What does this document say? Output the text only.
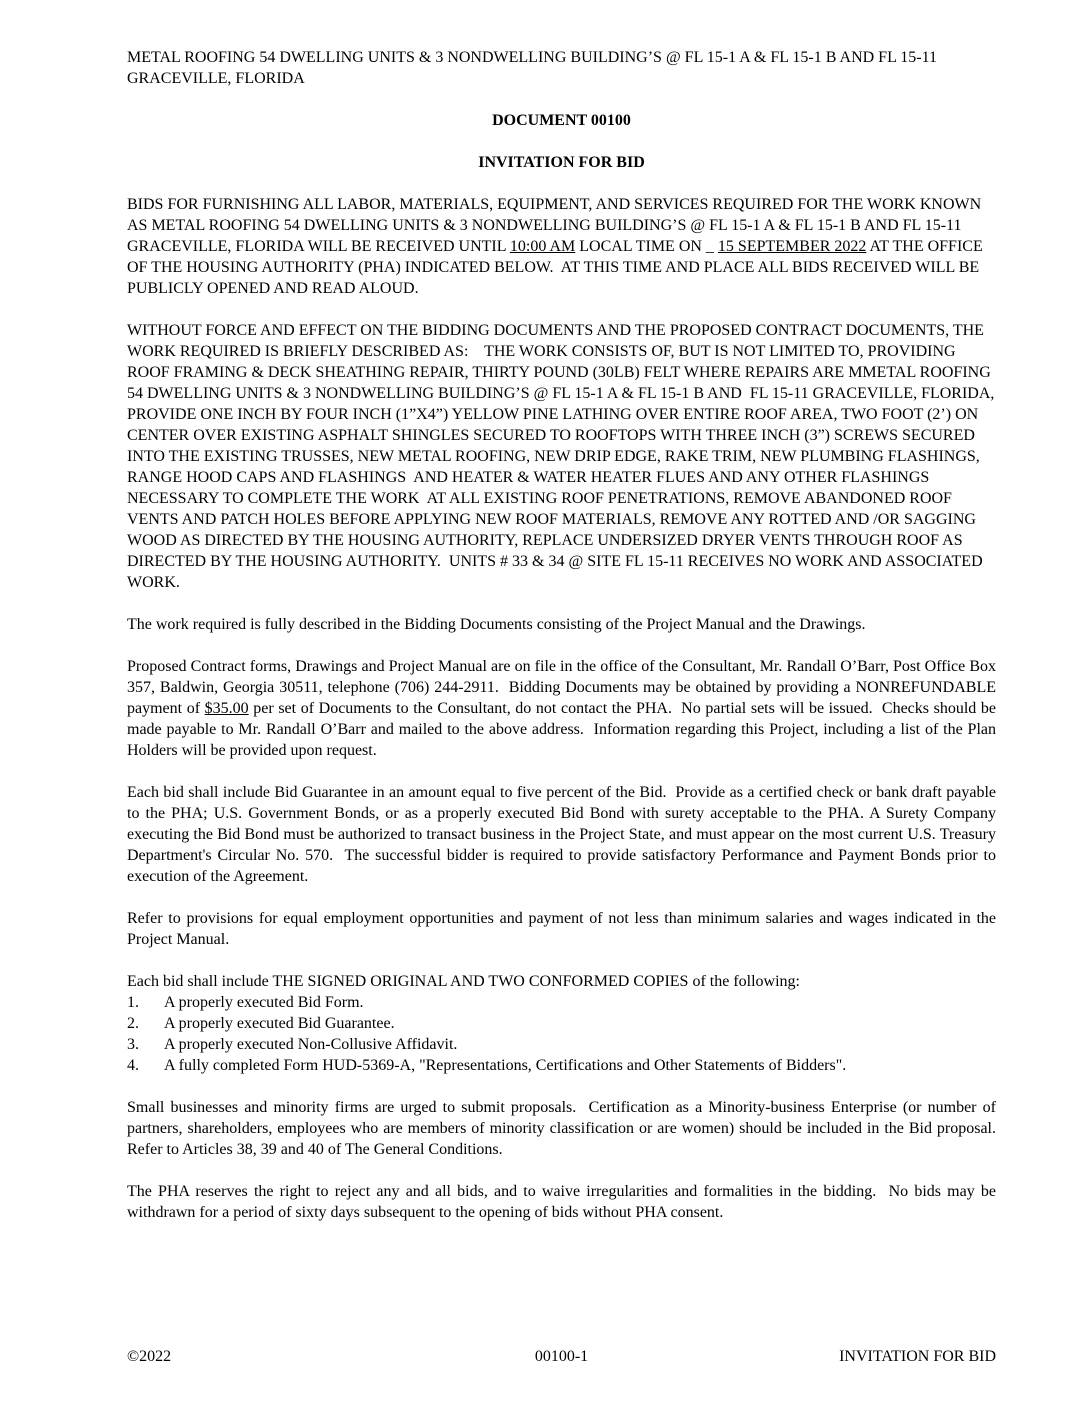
METAL ROOFING 54 DWELLING UNITS & 3 NONDWELLING BUILDING’S @ FL 15-1 A & FL 15-1 B AND FL 15-11 GRACEVILLE, FLORIDA

DOCUMENT 00100

INVITATION FOR BID

BIDS FOR FURNISHING ALL LABOR, MATERIALS, EQUIPMENT, AND SERVICES REQUIRED FOR THE WORK KNOWN AS METAL ROOFING 54 DWELLING UNITS & 3 NONDWELLING BUILDING’S @ FL 15-1 A & FL 15-1 B AND FL 15-11 GRACEVILLE, FLORIDA WILL BE RECEIVED UNTIL 10:00 AM LOCAL TIME ON _ 15 SEPTEMBER 2022 AT THE OFFICE OF THE HOUSING AUTHORITY (PHA) INDICATED BELOW.  AT THIS TIME AND PLACE ALL BIDS RECEIVED WILL BE PUBLICLY OPENED AND READ ALOUD.

WITHOUT FORCE AND EFFECT ON THE BIDDING DOCUMENTS AND THE PROPOSED CONTRACT DOCUMENTS, THE WORK REQUIRED IS BRIEFLY DESCRIBED AS:    THE WORK CONSISTS OF, BUT IS NOT LIMITED TO, PROVIDING ROOF FRAMING & DECK SHEATHING REPAIR, THIRTY POUND (30LB) FELT WHERE REPAIRS ARE MMETAL ROOFING 54 DWELLING UNITS & 3 NONDWELLING BUILDING’S @ FL 15-1 A & FL 15-1 B AND  FL 15-11 GRACEVILLE, FLORIDA, PROVIDE ONE INCH BY FOUR INCH (1”X4”) YELLOW PINE LATHING OVER ENTIRE ROOF AREA, TWO FOOT (2’) ON CENTER OVER EXISTING ASPHALT SHINGLES SECURED TO ROOFTOPS WITH THREE INCH (3”) SCREWS SECURED INTO THE EXISTING TRUSSES, NEW METAL ROOFING, NEW DRIP EDGE, RAKE TRIM, NEW PLUMBING FLASHINGS, RANGE HOOD CAPS AND FLASHINGS  AND HEATER & WATER HEATER FLUES AND ANY OTHER FLASHINGS NECESSARY TO COMPLETE THE WORK  AT ALL EXISTING ROOF PENETRATIONS, REMOVE ABANDONED ROOF VENTS AND PATCH HOLES BEFORE APPLYING NEW ROOF MATERIALS, REMOVE ANY ROTTED AND /OR SAGGING WOOD AS DIRECTED BY THE HOUSING AUTHORITY, REPLACE UNDERSIZED DRYER VENTS THROUGH ROOF AS DIRECTED BY THE HOUSING AUTHORITY.  UNITS # 33 & 34 @ SITE FL 15-11 RECEIVES NO WORK AND ASSOCIATED WORK.

The work required is fully described in the Bidding Documents consisting of the Project Manual and the Drawings.

Proposed Contract forms, Drawings and Project Manual are on file in the office of the Consultant, Mr. Randall O’Barr, Post Office Box 357, Baldwin, Georgia 30511, telephone (706) 244-2911.  Bidding Documents may be obtained by providing a NONREFUNDABLE payment of $35.00 per set of Documents to the Consultant, do not contact the PHA.  No partial sets will be issued.  Checks should be made payable to Mr. Randall O’Barr and mailed to the above address.  Information regarding this Project, including a list of the Plan Holders will be provided upon request.

Each bid shall include Bid Guarantee in an amount equal to five percent of the Bid.  Provide as a certified check or bank draft payable to the PHA; U.S. Government Bonds, or as a properly executed Bid Bond with surety acceptable to the PHA. A Surety Company executing the Bid Bond must be authorized to transact business in the Project State, and must appear on the most current U.S. Treasury Department's Circular No. 570.  The successful bidder is required to provide satisfactory Performance and Payment Bonds prior to execution of the Agreement.

Refer to provisions for equal employment opportunities and payment of not less than minimum salaries and wages indicated in the Project Manual.

Each bid shall include THE SIGNED ORIGINAL AND TWO CONFORMED COPIES of the following:

1.	A properly executed Bid Form.
2.	A properly executed Bid Guarantee.
3.	A properly executed Non-Collusive Affidavit.
4.	A fully completed Form HUD-5369-A, "Representations, Certifications and Other Statements of Bidders".

Small businesses and minority firms are urged to submit proposals.  Certification as a Minority-business Enterprise (or number of partners, shareholders, employees who are members of minority classification or are women) should be included in the Bid proposal.  Refer to Articles 38, 39 and 40 of The General Conditions.

The PHA reserves the right to reject any and all bids, and to waive irregularities and formalities in the bidding.  No bids may be withdrawn for a period of sixty days subsequent to the opening of bids without PHA consent.

©2022	00100-1	INVITATION FOR BID
